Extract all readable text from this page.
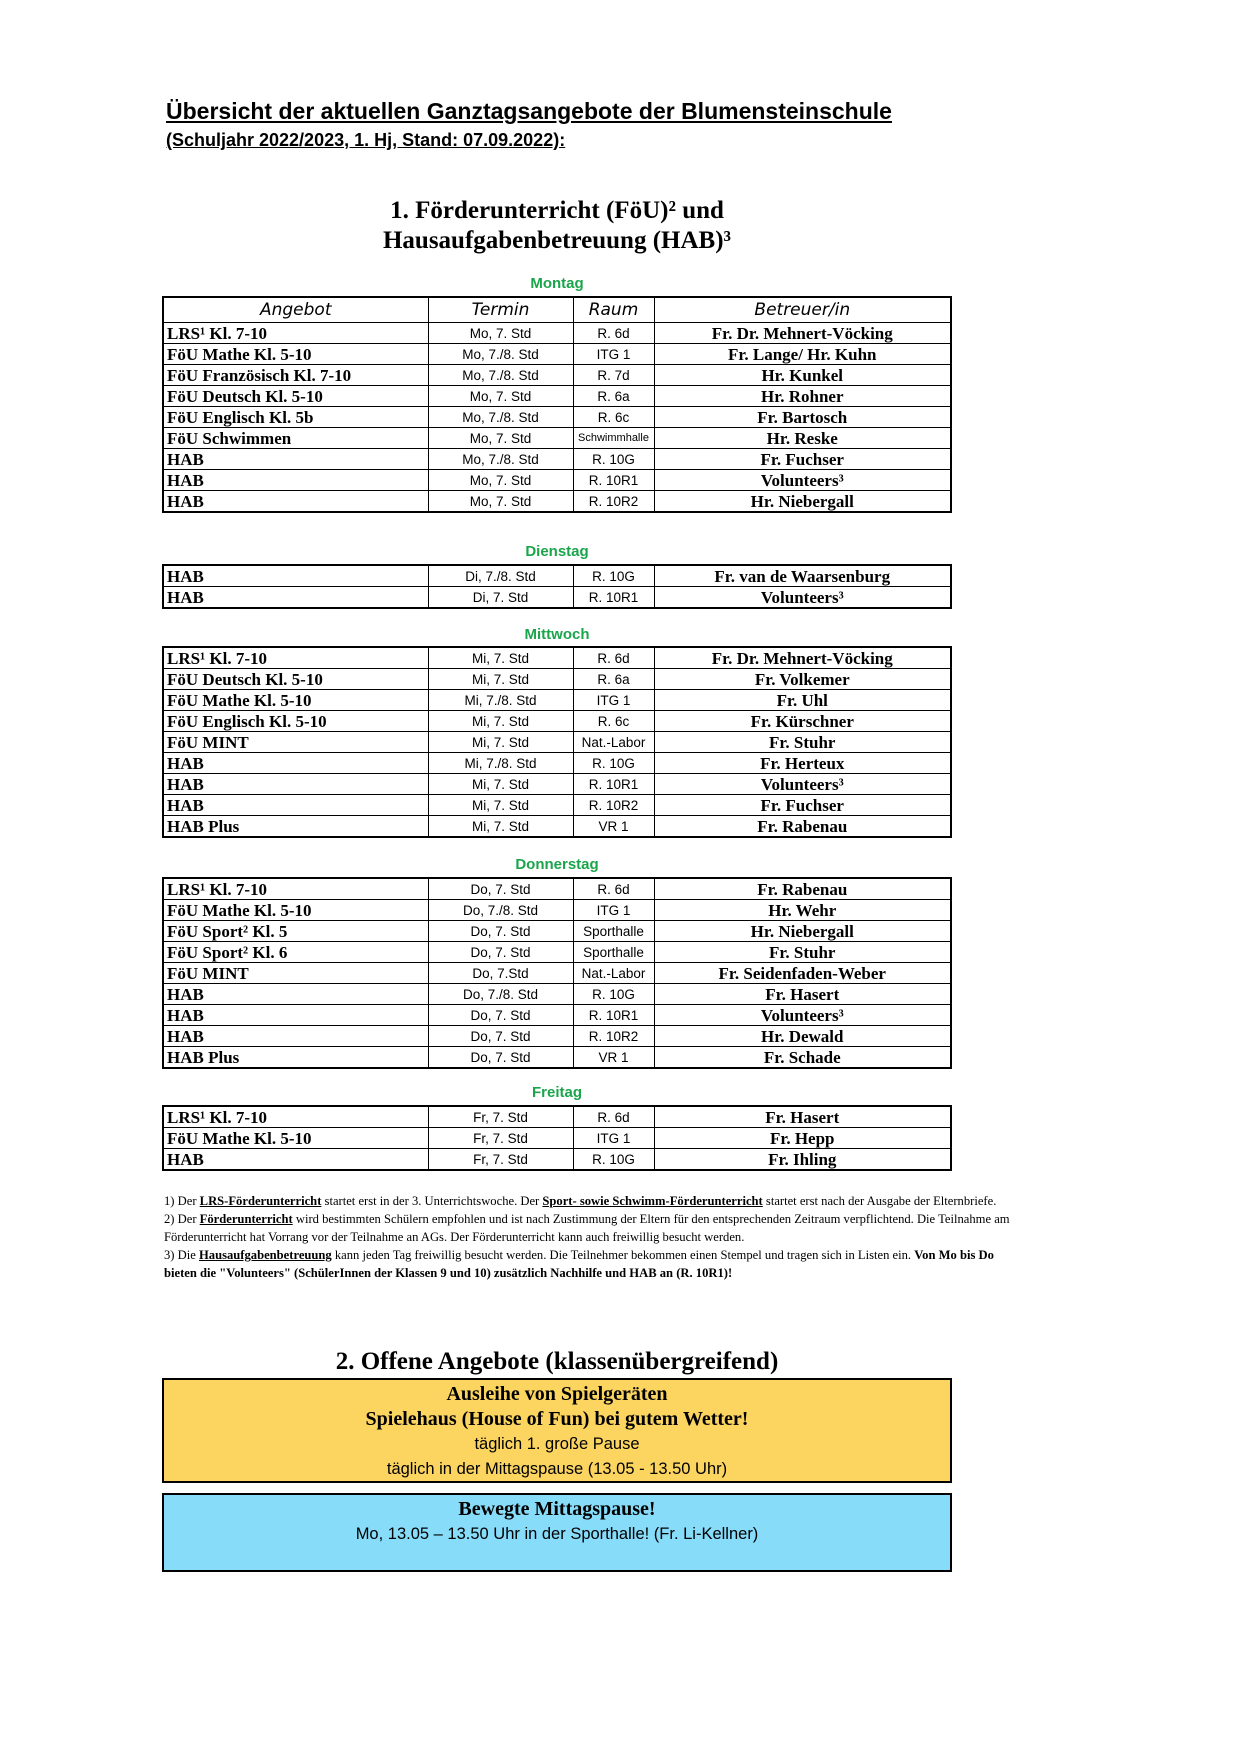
Übersicht der aktuellen Ganztagsangebote der Blumensteinschule
(Schuljahr 2022/2023, 1. Hj, Stand: 07.09.2022):
1. Förderunterricht (FöU)² und
Hausaufgabenbetreuung (HAB)³
Montag
Angebot	Termin	Raum	Betreuer/in
LRS¹ Kl. 7-10	Mo, 7. Std	R. 6d	Fr. Dr. Mehnert-Vöcking
FöU Mathe Kl. 5-10	Mo, 7./8. Std	ITG 1	Fr. Lange/ Hr. Kuhn
FöU Französisch Kl. 7-10	Mo, 7./8. Std	R. 7d	Hr. Kunkel
FöU Deutsch Kl. 5-10	Mo, 7. Std	R. 6a	Hr. Rohner
FöU Englisch Kl. 5b	Mo, 7./8. Std	R. 6c	Fr. Bartosch
FöU Schwimmen	Mo, 7. Std	Schwimmhalle	Hr. Reske
HAB	Mo, 7./8. Std	R. 10G	Fr. Fuchser
HAB	Mo, 7. Std	R. 10R1	Volunteers³
HAB	Mo, 7. Std	R. 10R2	Hr. Niebergall
Dienstag
HAB	Di, 7./8. Std	R. 10G	Fr. van de Waarsenburg
HAB	Di, 7. Std	R. 10R1	Volunteers³
Mittwoch
LRS¹ Kl. 7-10	Mi, 7. Std	R. 6d	Fr. Dr. Mehnert-Vöcking
FöU Deutsch Kl. 5-10	Mi, 7. Std	R. 6a	Fr. Volkemer
FöU Mathe Kl. 5-10	Mi, 7./8. Std	ITG 1	Fr. Uhl
FöU Englisch Kl. 5-10	Mi, 7. Std	R. 6c	Fr. Kürschner
FöU MINT	Mi, 7. Std	Nat.-Labor	Fr. Stuhr
HAB	Mi, 7./8. Std	R. 10G	Fr. Herteux
HAB	Mi, 7. Std	R. 10R1	Volunteers³
HAB	Mi, 7. Std	R. 10R2	Fr. Fuchser
HAB Plus	Mi, 7. Std	VR 1	Fr. Rabenau
Donnerstag
LRS¹ Kl. 7-10	Do, 7. Std	R. 6d	Fr. Rabenau
FöU Mathe Kl. 5-10	Do, 7./8. Std	ITG 1	Hr. Wehr
FöU Sport² Kl. 5	Do, 7. Std	Sporthalle	Hr. Niebergall
FöU Sport² Kl. 6	Do, 7. Std	Sporthalle	Fr. Stuhr
FöU MINT	Do, 7.Std	Nat.-Labor	Fr. Seidenfaden-Weber
HAB	Do, 7./8. Std	R. 10G	Fr. Hasert
HAB	Do, 7. Std	R. 10R1	Volunteers³
HAB	Do, 7. Std	R. 10R2	Hr. Dewald
HAB Plus	Do, 7. Std	VR 1	Fr. Schade
Freitag
LRS¹ Kl. 7-10	Fr, 7. Std	R. 6d	Fr. Hasert
FöU Mathe Kl. 5-10	Fr, 7. Std	ITG 1	Fr. Hepp
HAB	Fr, 7. Std	R. 10G	Fr. Ihling

1) Der LRS-Förderunterricht startet erst in der 3. Unterrichtswoche. Der Sport- sowie Schwimm-Förderunterricht startet erst nach der Ausgabe der Elternbriefe.

2) Der Förderunterricht wird bestimmten Schülern empfohlen und ist nach Zustimmung der Eltern für den entsprechenden Zeitraum verpflichtend. Die Teilnahme am Förderunterricht hat Vorrang vor der Teilnahme an AGs. Der Förderunterricht kann auch freiwillig besucht werden.

3) Die Hausaufgabenbetreuung kann jeden Tag freiwillig besucht werden. Die Teilnehmer bekommen einen Stempel und tragen sich in Listen ein. Von Mo bis Do bieten die "Volunteers" (SchülerInnen der Klassen 9 und 10) zusätzlich Nachhilfe und HAB an (R. 10R1)!

2. Offene Angebote (klassenübergreifend)
Ausleihe von Spielgeräten
Spielehaus (House of Fun) bei gutem Wetter!
täglich 1. große Pause
täglich in der Mittagspause (13.05 - 13.50 Uhr)
Bewegte Mittagspause!
Mo, 13.05 – 13.50 Uhr in der Sporthalle! (Fr. Li-Kellner)
